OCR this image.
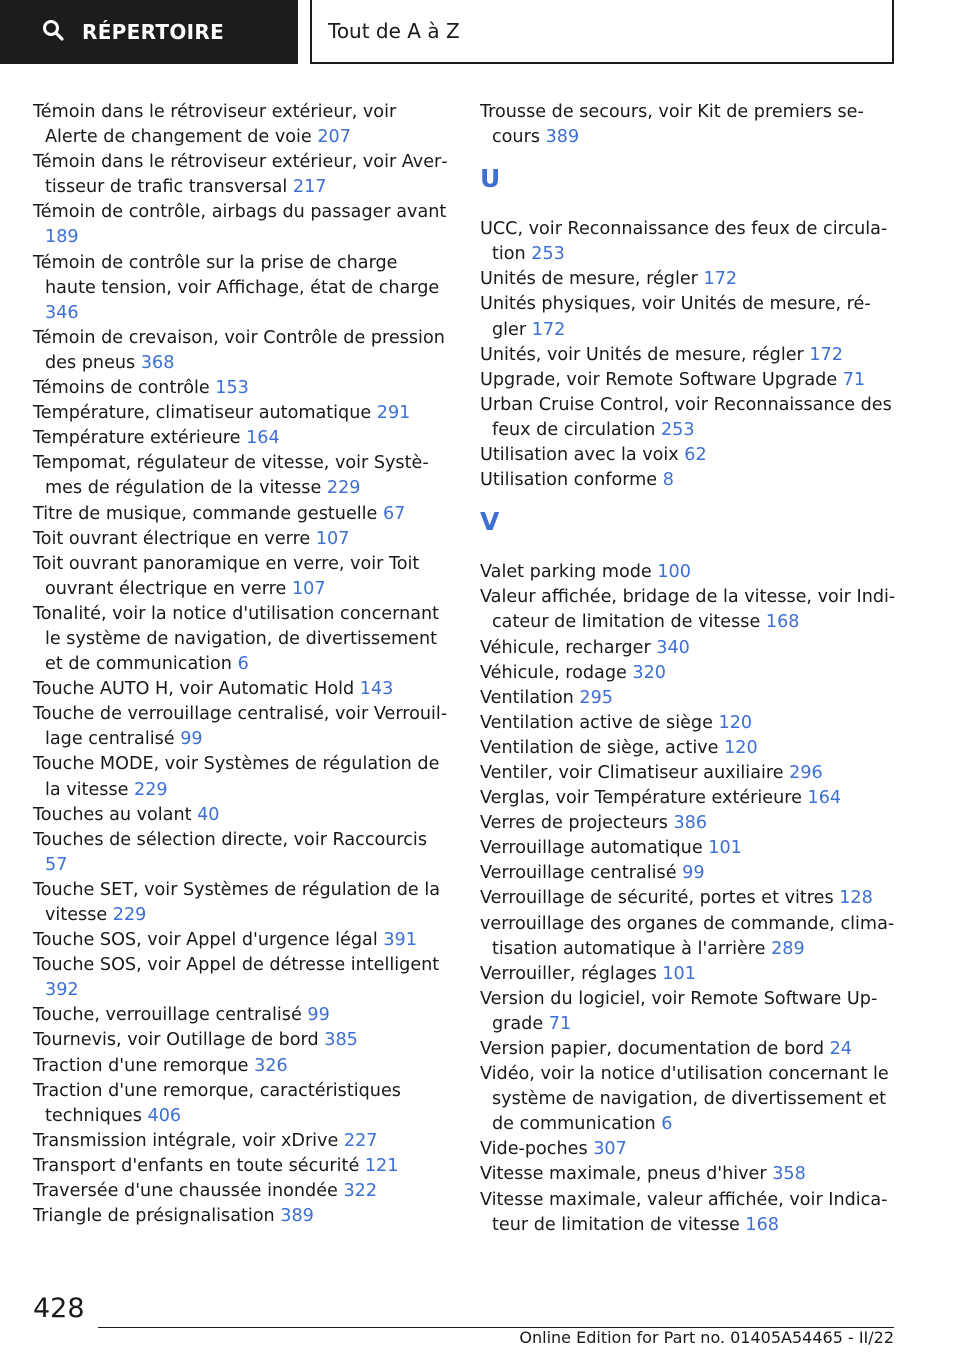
RÉPERTOIRE	Tout de A à Z

Témoin dans le rétroviseur extérieur, voir Alerte de changement de voie 207

Témoin dans le rétroviseur extérieur, voir Avertisseur de trafic transversal 217

Témoin de contrôle, airbags du passager avant 189

Témoin de contrôle sur la prise de charge haute tension, voir Affichage, état de charge 346

Témoin de crevaison, voir Contrôle de pression des pneus 368

Témoins de contrôle 153

Température, climatiseur automatique 291

Température extérieure 164

Tempomat, régulateur de vitesse, voir Systèmes de régulation de la vitesse 229

Titre de musique, commande gestuelle 67

Toit ouvrant électrique en verre 107

Toit ouvrant panoramique en verre, voir Toit ouvrant électrique en verre 107

Tonalité, voir la notice d'utilisation concernant le système de navigation, de divertissement et de communication 6

Touche AUTO H, voir Automatic Hold 143

Touche de verrouillage centralisé, voir Verrouillage centralisé 99

Touche MODE, voir Systèmes de régulation de la vitesse 229

Touches au volant 40

Touches de sélection directe, voir Raccourcis 57

Touche SET, voir Systèmes de régulation de la vitesse 229

Touche SOS, voir Appel d'urgence légal 391

Touche SOS, voir Appel de détresse intelligent 392

Touche, verrouillage centralisé 99

Tournevis, voir Outillage de bord 385

Traction d'une remorque 326

Traction d'une remorque, caractéristiques techniques 406

Transmission intégrale, voir xDrive 227

Transport d'enfants en toute sécurité 121

Traversée d'une chaussée inondée 322

Triangle de présignalisation 389

Trousse de secours, voir Kit de premiers secours 389

U

UCC, voir Reconnaissance des feux de circulation 253

Unités de mesure, régler 172

Unités physiques, voir Unités de mesure, régler 172

Unités, voir Unités de mesure, régler 172

Upgrade, voir Remote Software Upgrade 71

Urban Cruise Control, voir Reconnaissance des feux de circulation 253

Utilisation avec la voix 62

Utilisation conforme 8

V

Valet parking mode 100

Valeur affichée, bridage de la vitesse, voir Indicateur de limitation de vitesse 168

Véhicule, recharger 340

Véhicule, rodage 320

Ventilation 295

Ventilation active de siège 120

Ventilation de siège, active 120

Ventiler, voir Climatiseur auxiliaire 296

Verglas, voir Température extérieure 164

Verres de projecteurs 386

Verrouillage automatique 101

Verrouillage centralisé 99

Verrouillage de sécurité, portes et vitres 128

verrouillage des organes de commande, climatisation automatique à l'arrière 289

Verrouiller, réglages 101

Version du logiciel, voir Remote Software Upgrade 71

Version papier, documentation de bord 24

Vidéo, voir la notice d'utilisation concernant le système de navigation, de divertissement et de communication 6

Vide-poches 307

Vitesse maximale, pneus d'hiver 358

Vitesse maximale, valeur affichée, voir Indicateur de limitation de vitesse 168

428
Online Edition for Part no. 01405A54465 - II/22
